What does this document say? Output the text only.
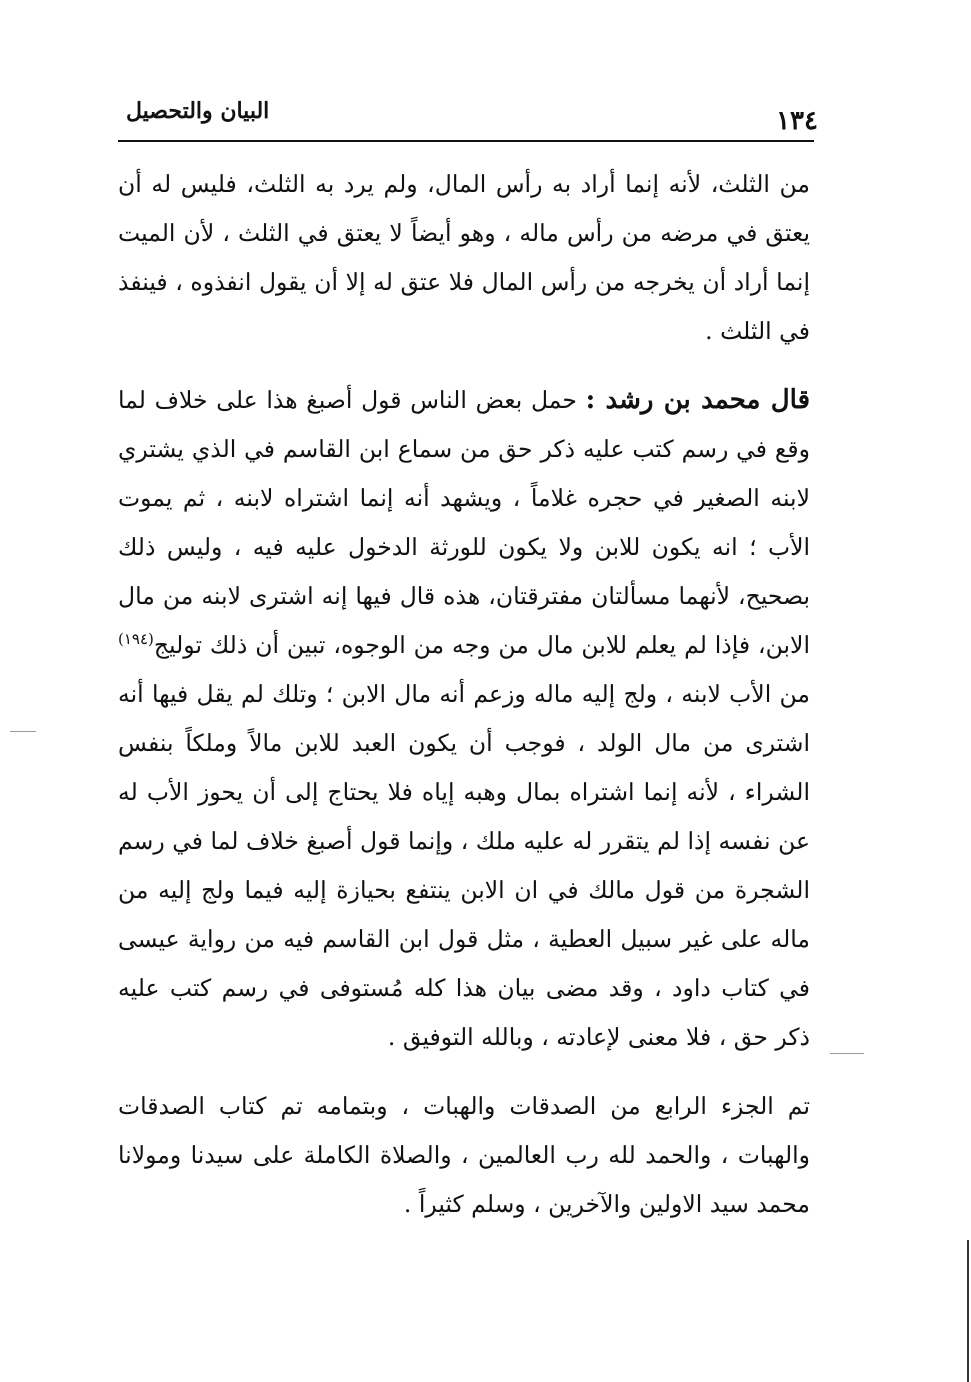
١٣٤
البيان والتحصيل

من الثلث، لأنه إنما أراد به رأس المال، ولم يرد به الثلث، فليس له أن يعتق في مرضه من رأس ماله ، وهو أيضاً لا يعتق في الثلث ، لأن الميت إنما أراد أن يخرجه من رأس المال فلا عتق له إلا أن يقول انفذوه ، فينفذ في الثلث .

قال محمد بن رشد : حمل بعض الناس قول أصبغ هذا على خلاف لما وقع في رسم كتب عليه ذكر حق من سماع ابن القاسم في الذي يشتري لابنه الصغير في حجره غلاماً ، ويشهد أنه إنما اشتراه لابنه ، ثم يموت الأب ؛ انه يكون للابن ولا يكون للورثة الدخول عليه فيه ، وليس ذلك بصحيح، لأنهما مسألتان مفترقتان، هذه قال فيها إنه اشترى لابنه من مال الابن، فإذا لم يعلم للابن مال من وجه من الوجوه، تبين أن ذلك توليج$^{(١٩٤)}$ من الأب لابنه ، ولج إليه ماله وزعم أنه مال الابن ؛ وتلك لم يقل فيها أنه اشترى من مال الولد ، فوجب أن يكون العبد للابن مالاً وملكاً بنفس الشراء ، لأنه إنما اشتراه بمال وهبه إياه فلا يحتاج إلى أن يحوز الأب له عن نفسه إذا لم يتقرر له عليه ملك ، وإنما قول أصبغ خلاف لما في رسم الشجرة من قول مالك في ان الابن ينتفع بحيازة إليه فيما ولج إليه من ماله على غير سبيل العطية ، مثل قول ابن القاسم فيه من رواية عيسى في كتاب داود ، وقد مضى بيان هذا كله مُستوفى في رسم كتب عليه ذكر حق ، فلا معنى لإعادته ، وبالله التوفيق .

تم الجزء الرابع من الصدقات والهبات ، وبتمامه تم كتاب الصدقات والهبات ، والحمد لله رب العالمين ، والصلاة الكاملة على سيدنا ومولانا محمد سيد الاولين والآخرين ، وسلم كثيراً .
